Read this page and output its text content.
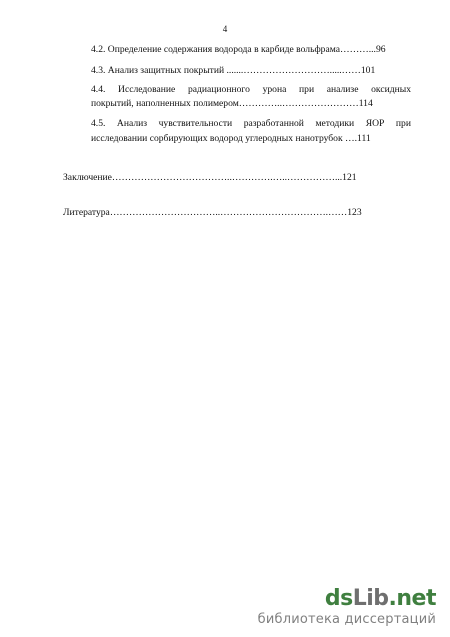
4
4.2. Определение содержания водорода в карбиде вольфрама………...96
4.3. Анализ защитных покрытий .......……………………….....……101
4.4. Исследование радиационного урона при анализе оксидных
покрытий, наполненных полимером…………..……………………114
4.5. Анализ чувствительности разработанной методики ЯОР при
исследовании сорбирующих водород углеродных нанотрубок ….111
Заключение………………………………..………….…..……………...121
Литература……………………………..…………………………….……123
dsLib.net
библиотека диссертаций
